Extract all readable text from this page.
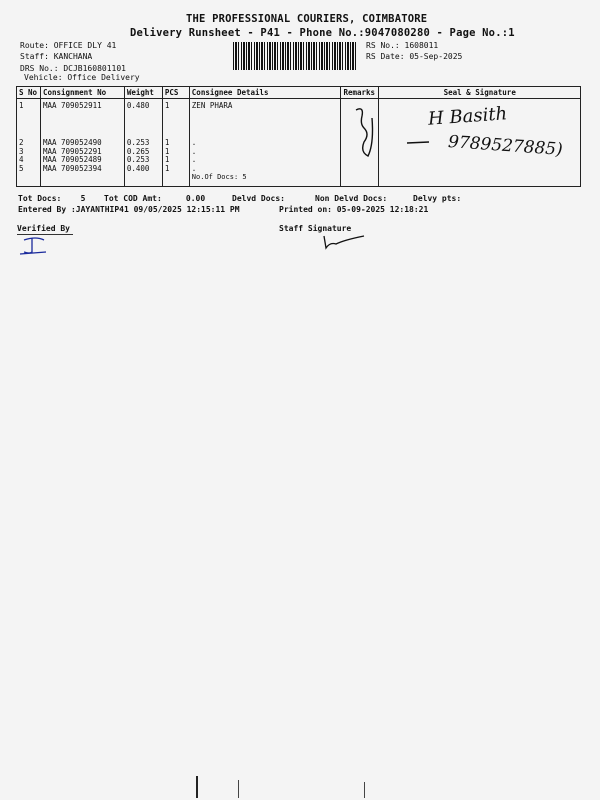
THE PROFESSIONAL COURIERS, COIMBATORE
Delivery Runsheet - P41 - Phone No.:9047080280 - Page No.:1
Route: OFFICE DLY 41
Staff: KANCHANA
DRS No.: DCJB160801101
Vehicle: Office Delivery
RS No.: 1608011
RS Date: 05-Sep-2025
S No	Consignment No	Weight	PCS	Consignee Details	Remarks	Seal & Signature
1	MAA 709052911	0.480	1	ZEN PHARA		
2	MAA 709052490	0.253	1	.		
3	MAA 709052291	0.265	1	.		
4	MAA 709052489	0.253	1	.		
5	MAA 709052394	0.400	1	.		
				No.Of Docs: 5		
H Basith
9789527885)
Tot Docs:    5 Tot COD Amt:     0.00	Delvd Docs:	Non Delvd Docs:	Delvy pts:
Entered By :JAYANTHIP41 09/05/2025 12:15:11 PM	Printed on: 05-09-2025 12:18:21
Verified By	Staff Signature
